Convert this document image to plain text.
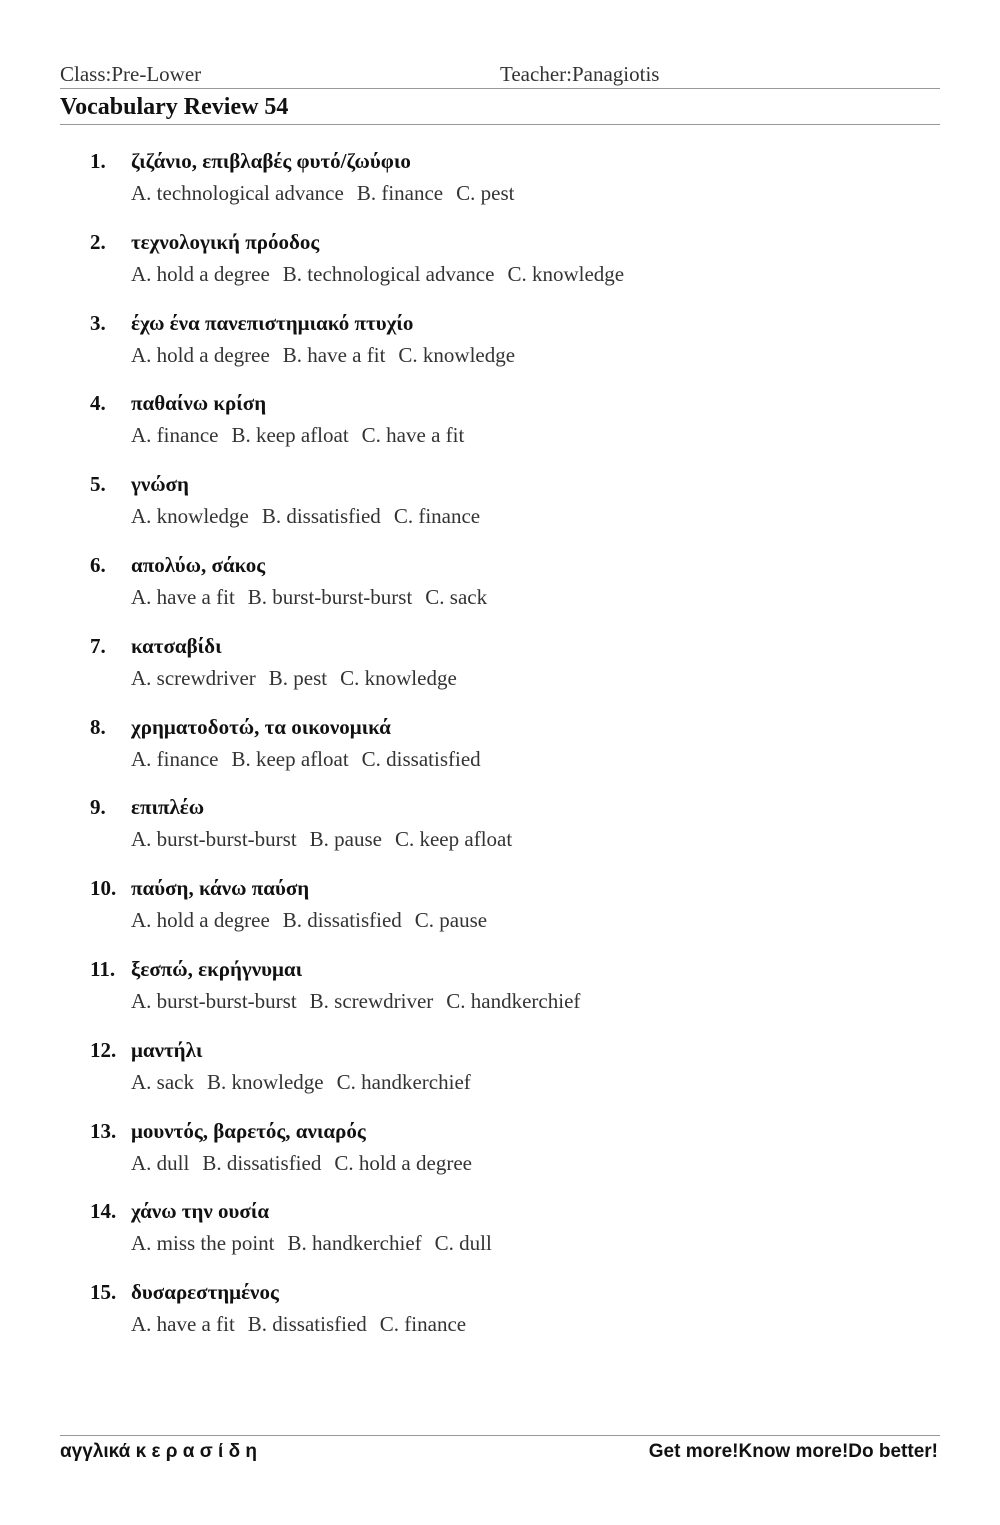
Class:Pre-Lower	Teacher:Panagiotis
Vocabulary Review 54
1. ζιζάνιο, επιβλαβές φυτό/ζωύφιο
A. technological advance B. finance C. pest
2. τεχνολογική πρόοδος
A. hold a degree B. technological advance C. knowledge
3. έχω ένα πανεπιστημιακό πτυχίο
A. hold a degree B. have a fit C. knowledge
4. παθαίνω κρίση
A. finance B. keep afloat C. have a fit
5. γνώση
A. knowledge B. dissatisfied C. finance
6. απολύω, σάκος
A. have a fit B. burst-burst-burst C. sack
7. κατσαβίδι
A. screwdriver B. pest C. knowledge
8. χρηματοδοτώ, τα οικονομικά
A. finance B. keep afloat C. dissatisfied
9. επιπλέω
A. burst-burst-burst B. pause C. keep afloat
10. παύση, κάνω παύση
A. hold a degree B. dissatisfied C. pause
11. ξεσπώ, εκρήγνυμαι
A. burst-burst-burst B. screwdriver C. handkerchief
12. μαντήλι
A. sack B. knowledge C. handkerchief
13. μουντός, βαρετός, ανιαρός
A. dull B. dissatisfied C. hold a degree
14. χάνω την ουσία
A. miss the point B. handkerchief C. dull
15. δυσαρεστημένος
A. have a fit B. dissatisfied C. finance
αγγλικά κ ε ρ α σ ί δ η	Get more!Know more!Do better!
